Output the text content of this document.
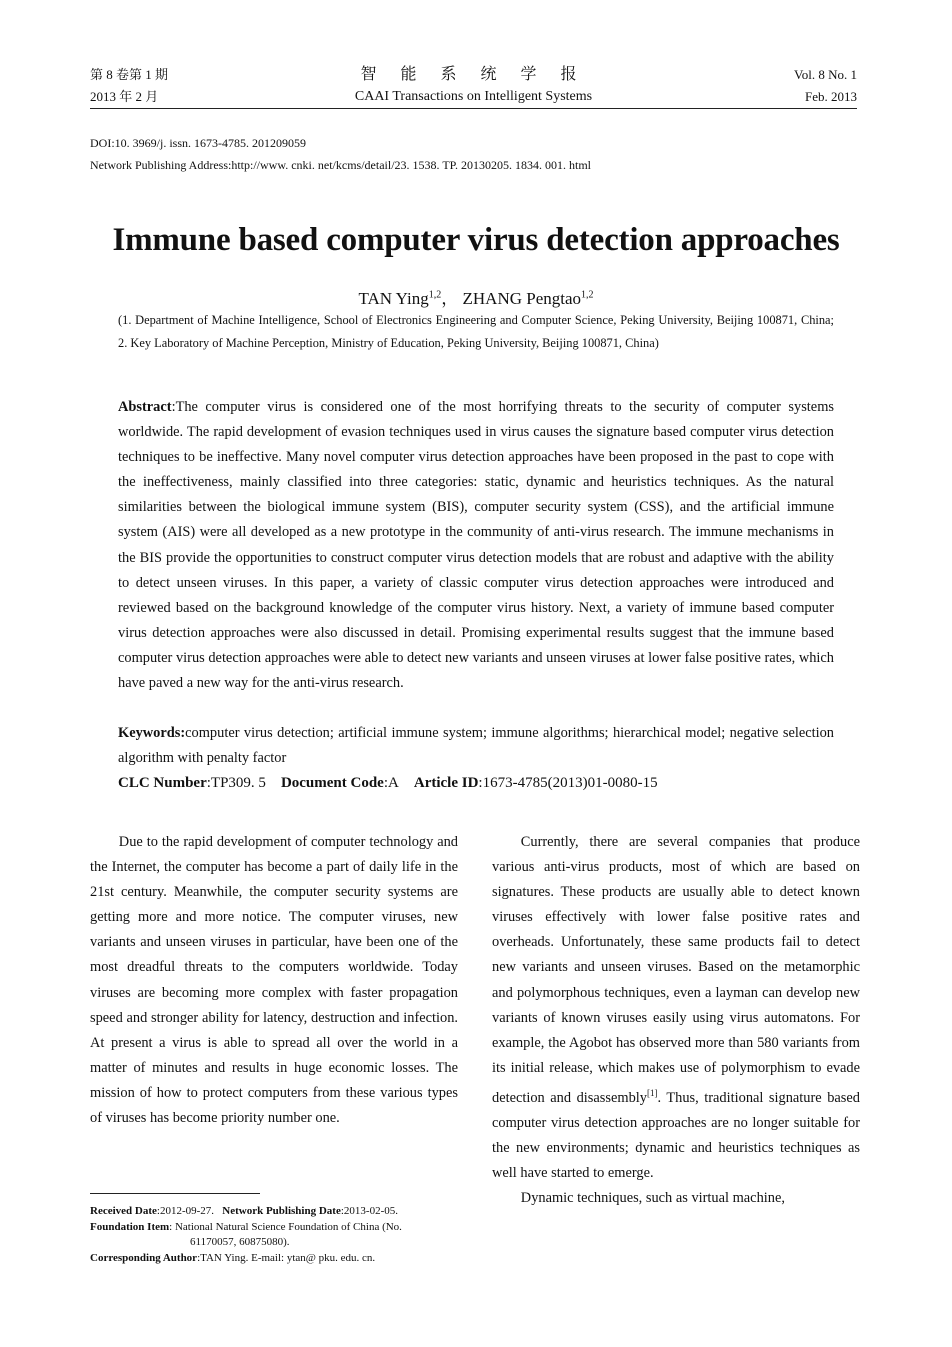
第 8 卷第 1 期
2013 年 2 月
智 能 系 统 学 报
CAAI Transactions on Intelligent Systems
Vol. 8 No. 1
Feb. 2013
DOI:10. 3969/j. issn. 1673-4785. 201209059
Network Publishing Address:http://www. cnki. net/kcms/detail/23. 1538. TP. 20130205. 1834. 001. html
Immune based computer virus detection approaches
TAN Ying$^{1,2}$， ZHANG Pengtao$^{1,2}$
(1. Department of Machine Intelligence, School of Electronics Engineering and Computer Science, Peking University, Beijing 100871, China; 2. Key Laboratory of Machine Perception, Ministry of Education, Peking University, Beijing 100871, China)
Abstract:The computer virus is considered one of the most horrifying threats to the security of computer systems worldwide. The rapid development of evasion techniques used in virus causes the signature based computer virus detection techniques to be ineffective. Many novel computer virus detection approaches have been proposed in the past to cope with the ineffectiveness, mainly classified into three categories: static, dynamic and heuristics techniques. As the natural similarities between the biological immune system (BIS), computer security system (CSS), and the artificial immune system (AIS) were all developed as a new prototype in the community of anti-virus research. The immune mechanisms in the BIS provide the opportunities to construct computer virus detection models that are robust and adaptive with the ability to detect unseen viruses. In this paper, a variety of classic computer virus detection approaches were introduced and reviewed based on the background knowledge of the computer virus history. Next, a variety of immune based computer virus detection approaches were also discussed in detail. Promising experimental results suggest that the immune based computer virus detection approaches were able to detect new variants and unseen viruses at lower false positive rates, which have paved a new way for the anti-virus research.
Keywords:computer virus detection; artificial immune system; immune algorithms; hierarchical model; negative selection algorithm with penalty factor
CLC Number:TP309. 5 Document Code:A Article ID:1673-4785(2013)01-0080-15

Due to the rapid development of computer technology and the Internet, the computer has become a part of daily life in the 21st century. Meanwhile, the computer security systems are getting more and more notice. The computer viruses, new variants and unseen viruses in particular, have been one of the most dreadful threats to the computers worldwide. Today viruses are becoming more complex with faster propagation speed and stronger ability for latency, destruction and infection. At present a virus is able to spread all over the world in a matter of minutes and results in huge economic losses. The mission of how to protect computers from these various types of viruses has become priority number one.

Currently, there are several companies that produce various anti-virus products, most of which are based on signatures. These products are usually able to detect known viruses effectively with lower false positive rates and overheads. Unfortunately, these same products fail to detect new variants and unseen viruses. Based on the metamorphic and polymorphous techniques, even a layman can develop new variants of known viruses easily using virus automatons. For example, the Agobot has observed more than 580 variants from its initial release, which makes use of polymorphism to evade detection and disassembly[1]. Thus, traditional signature based computer virus detection approaches are no longer suitable for the new environments; dynamic and heuristics techniques as well have started to emerge.

Dynamic techniques, such as virtual machine,

Received Date:2012-09-27. Network Publishing Date:2013-02-05.
Foundation Item: National Natural Science Foundation of China (No.
61170057, 60875080).
Corresponding Author:TAN Ying. E-mail: ytan@ pku. edu. cn.
